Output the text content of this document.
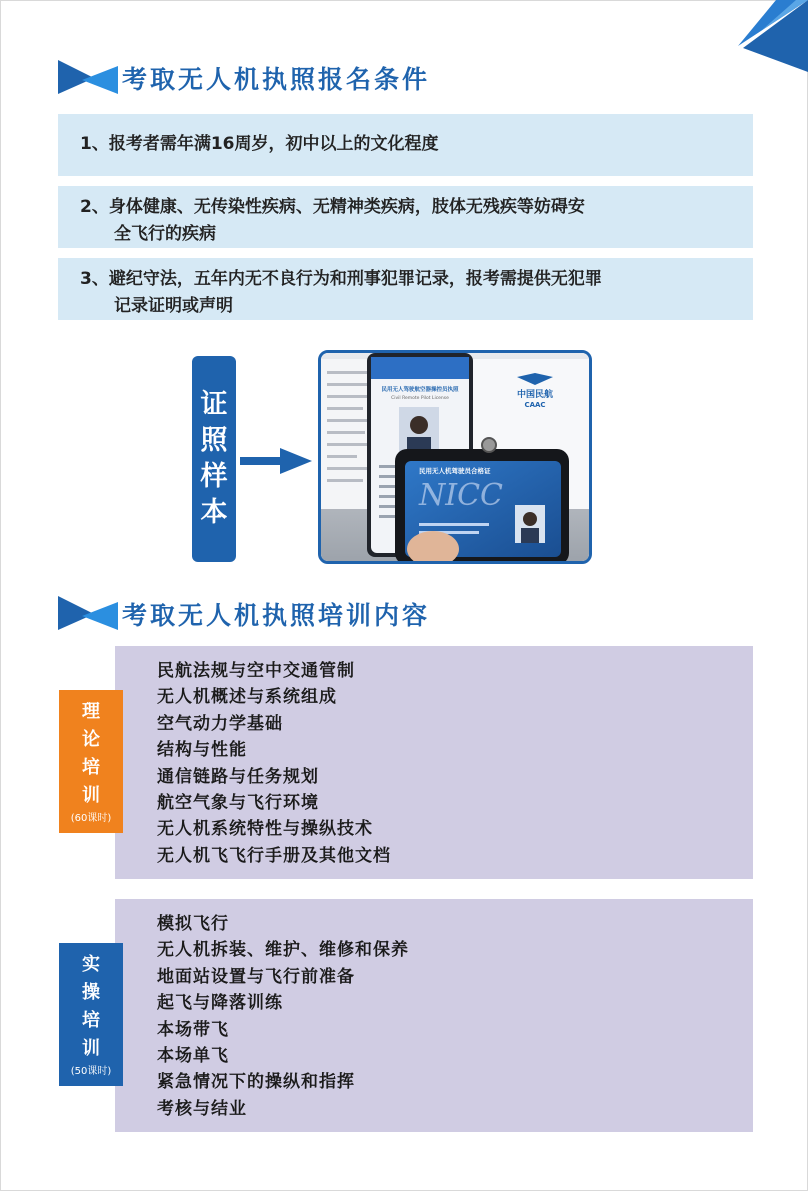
考取无人机执照报名条件
1、报考者需年满16周岁，初中以上的文化程度
2、身体健康、无传染性疾病、无精神类疾病，肢体无残疾等妨碍安
全飞行的疾病
3、避纪守法，五年内无不良行为和刑事犯罪记录，报考需提供无犯罪
记录证明或声明
证
照
样
本
中国民航
CAAC
民用无人驾驶航空器操控员执照
Civil Remote Pilot License
民用无人机驾驶员合格证
NICC
考取无人机执照培训内容
民航法规与空中交通管制
无人机概述与系统组成
空气动力学基础
结构与性能
通信链路与任务规划
航空气象与飞行环境
无人机系统特性与操纵技术
无人机飞飞行手册及其他文档
理
论
培
训
(60课时)
模拟飞行
无人机拆装、维护、维修和保养
地面站设置与飞行前准备
起飞与降落训练
本场带飞
本场单飞
紧急情况下的操纵和指挥
考核与结业
实
操
培
训
(50课时)
